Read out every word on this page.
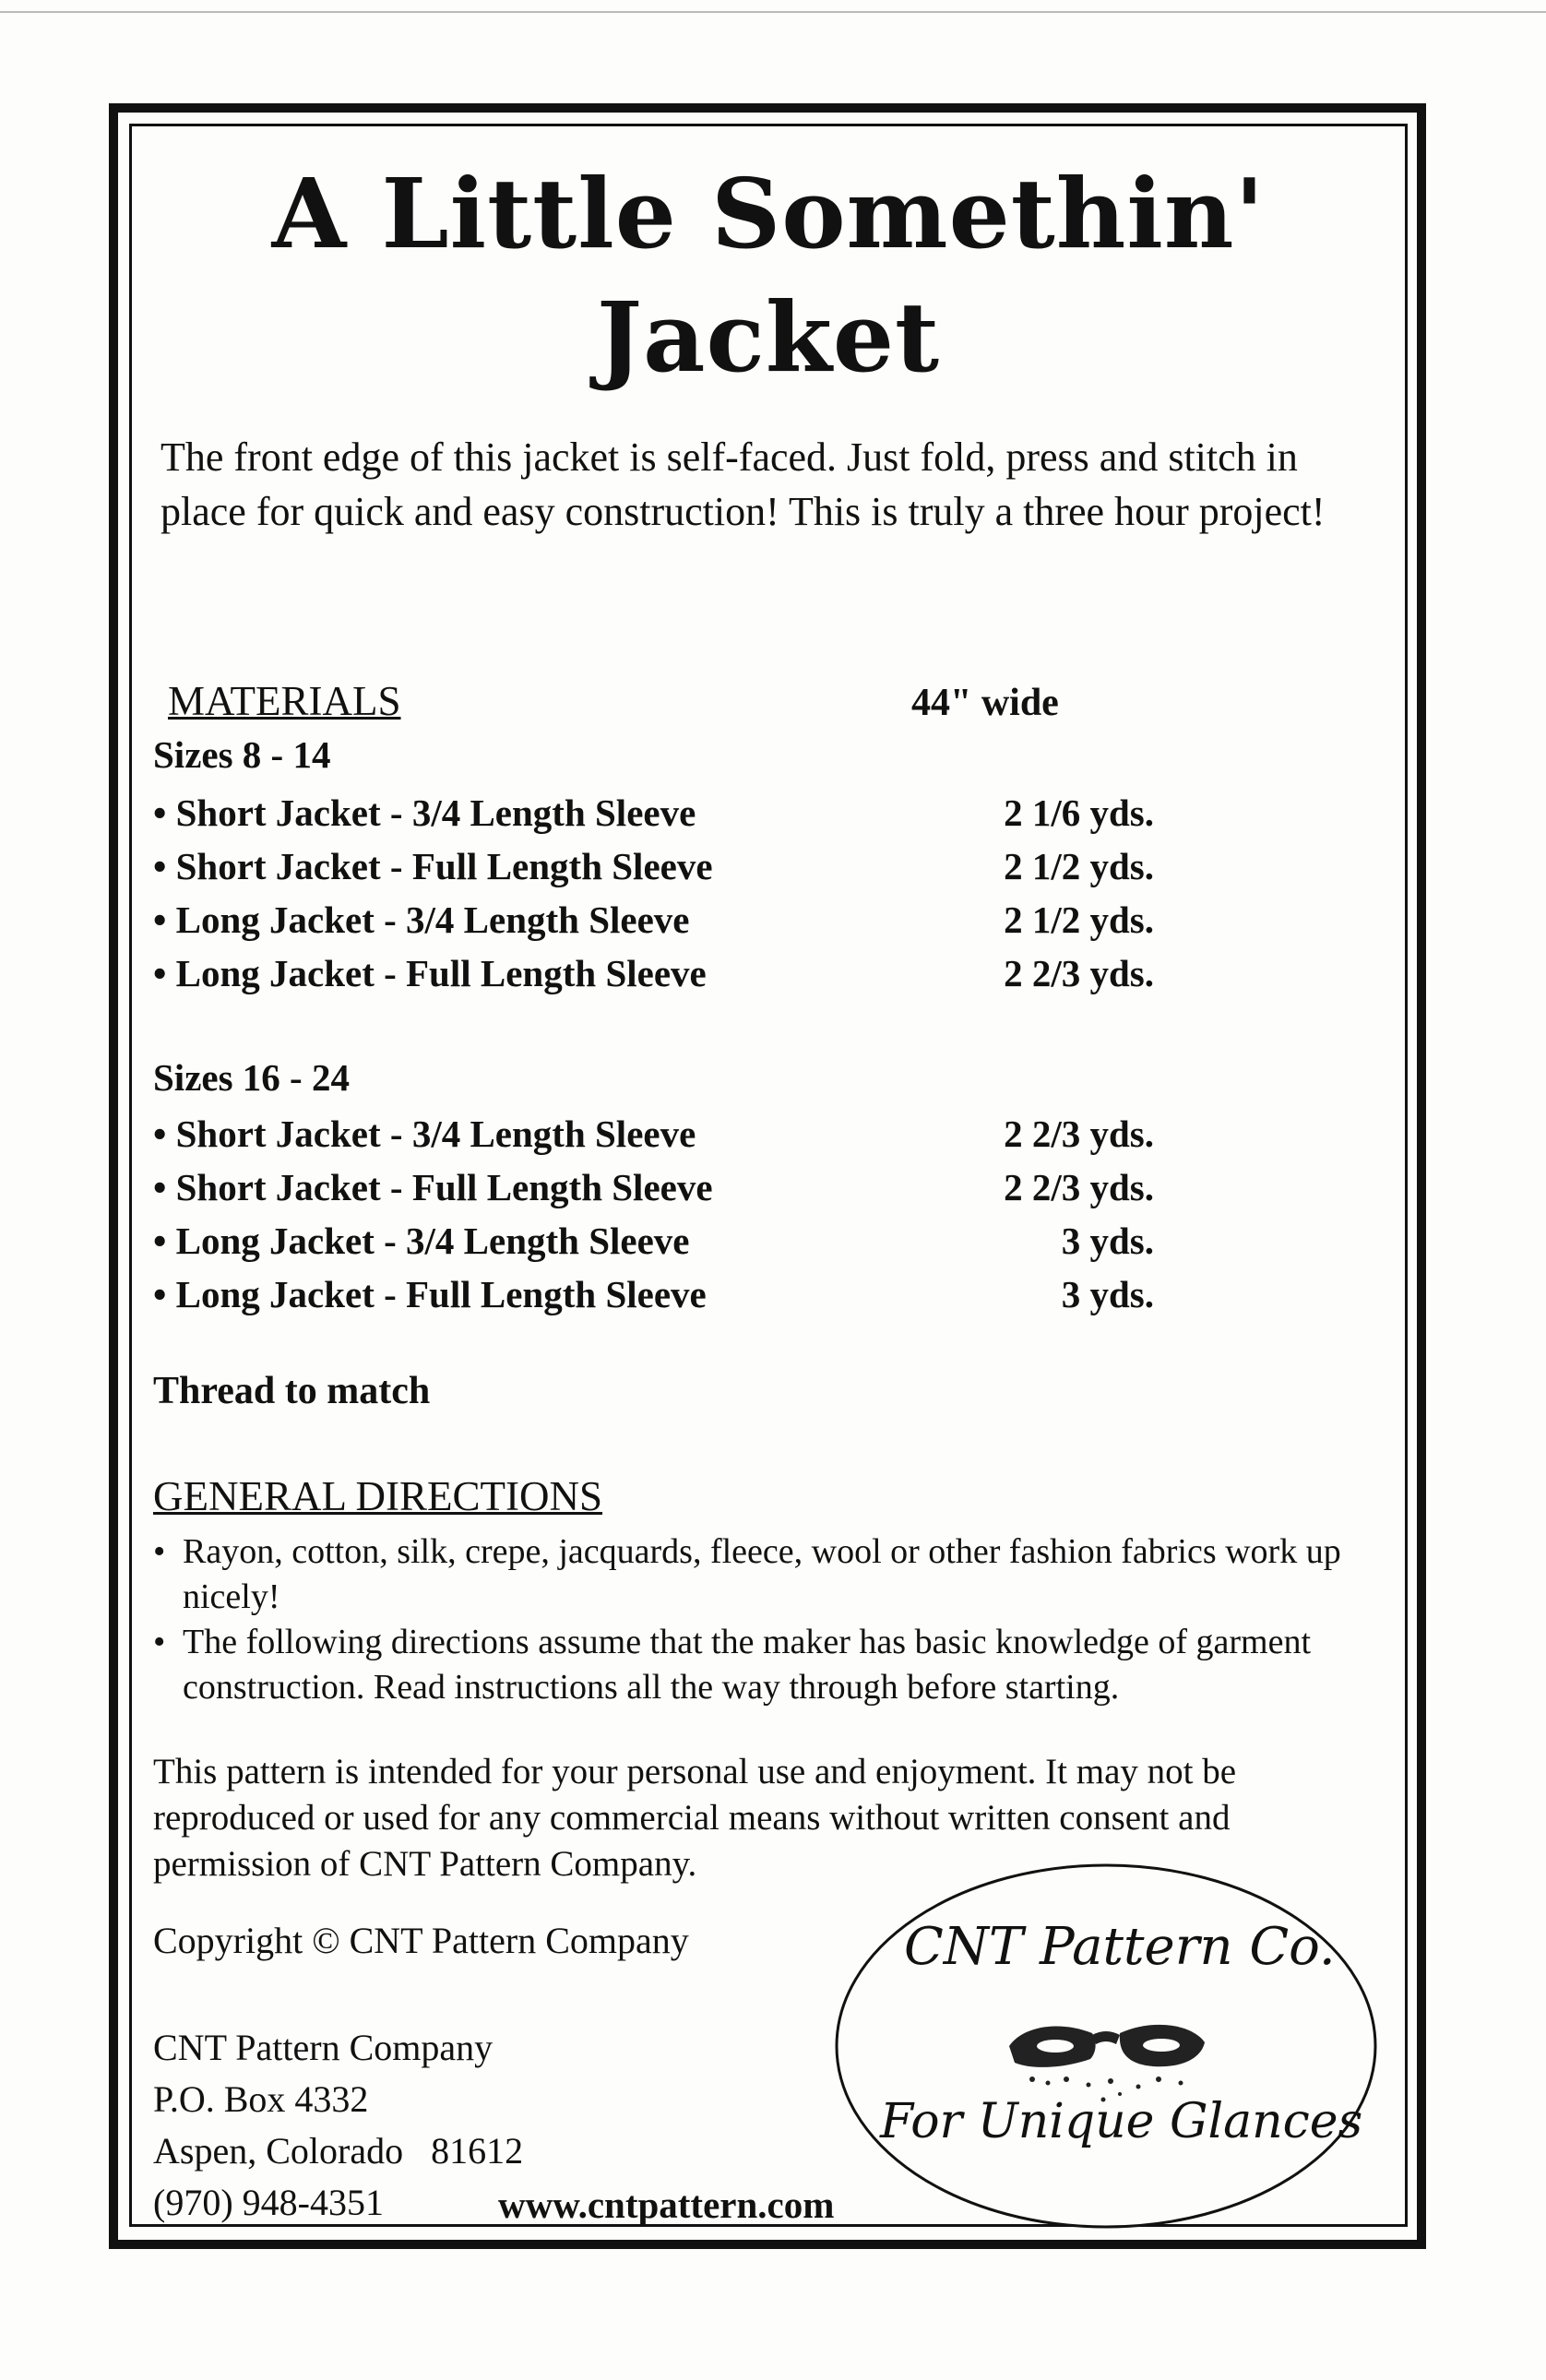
A Little Somethin'
Jacket
The front edge of this jacket is self-faced. Just fold, press and stitch in place for quick and easy construction! This is truly a three hour project!
MATERIALS	44" wide
Sizes 8 - 14
• Short Jacket - 3/4 Length Sleeve	2 1/6 yds.
• Short Jacket - Full Length Sleeve	2 1/2 yds.
• Long Jacket - 3/4 Length Sleeve	2 1/2 yds.
• Long Jacket - Full Length Sleeve	2 2/3 yds.
Sizes 16 - 24
• Short Jacket - 3/4 Length Sleeve	2 2/3 yds.
• Short Jacket - Full Length Sleeve	2 2/3 yds.
• Long Jacket - 3/4 Length Sleeve	3 yds.
• Long Jacket - Full Length Sleeve	3 yds.
Thread to match
GENERAL DIRECTIONS
• Rayon, cotton, silk, crepe, jacquards, fleece, wool or other fashion fabrics work up nicely!
• The following directions assume that the maker has basic knowledge of garment construction. Read instructions all the way through before starting.
This pattern is intended for your personal use and enjoyment. It may not be reproduced or used for any commercial means without written consent and permission of CNT Pattern Company.
Copyright © CNT Pattern Company
CNT Pattern Company
P.O. Box 4332
Aspen, Colorado   81612
(970) 948-4351	www.cntpattern.com
CNT Pattern Co.
For Unique Glances
